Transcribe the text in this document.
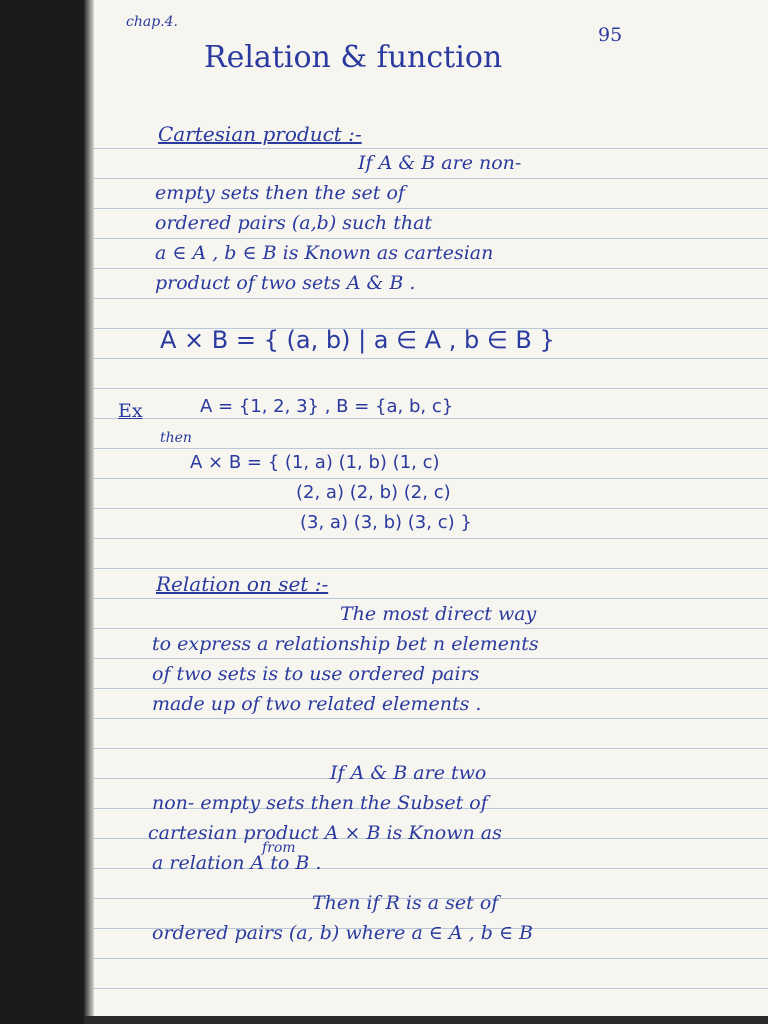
chap.4.
95
Relation & function
Cartesian product :-
If A & B are non-
empty sets then the set of
ordered pairs (a,b) such that
a ∈ A , b ∈ B is Known as cartesian
product of two sets A & B .
A × B = { (a, b) | a ∈ A , b ∈ B }
Ex	A = {1, 2, 3} , B = {a, b, c}
then
A × B = { (1, a) (1, b) (1, c)
(2, a) (2, b) (2, c)
(3, a) (3, b) (3, c) }
Relation on set :-
The most direct way
to express a relationship bet n elements
of two sets is to use ordered pairs
made up of two related elements .
If A & B are two
non- empty sets then the Subset of
cartesian product A × B is Known as
from
a relation A to B .
Then if R is a set of
ordered pairs (a, b) where a ∈ A , b ∈ B
